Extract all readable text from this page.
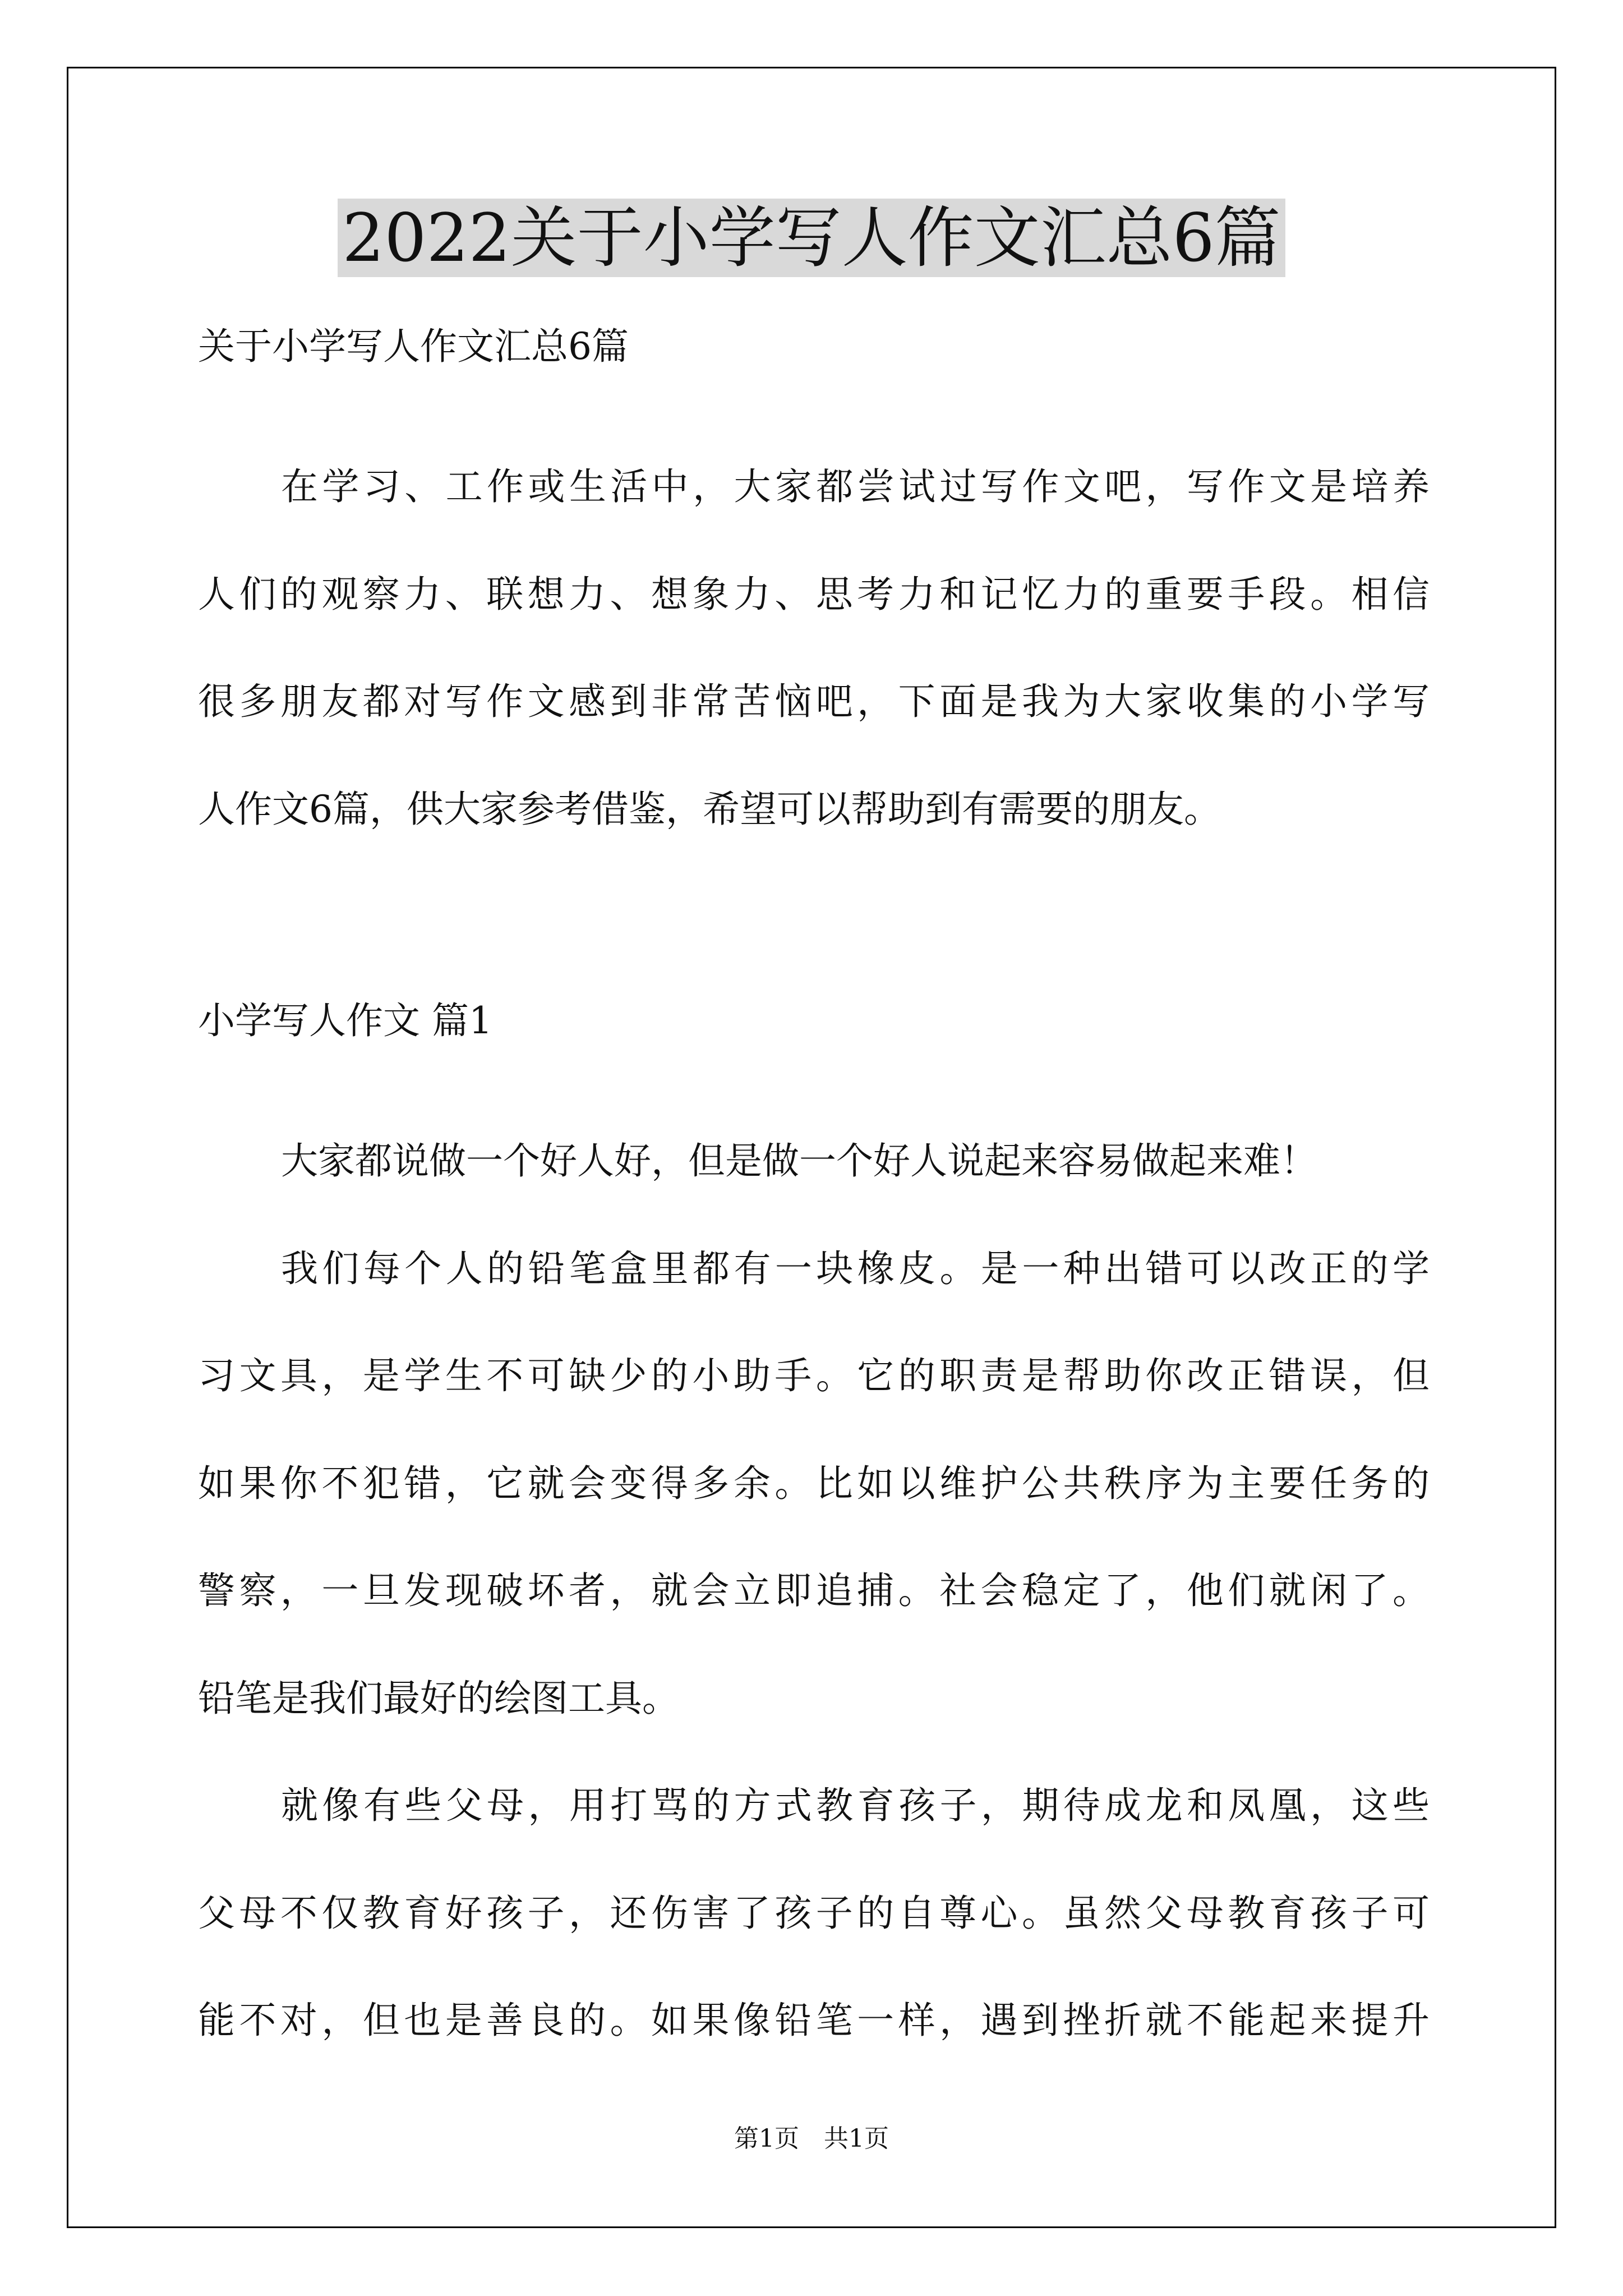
2022关于小学写人作文汇总6篇
关于小学写人作文汇总6篇
在学习、工作或生活中，大家都尝试过写作文吧，写作文是培养
人们的观察力、联想力、想象力、思考力和记忆力的重要手段。相信
很多朋友都对写作文感到非常苦恼吧，下面是我为大家收集的小学写
人作文6篇，供大家参考借鉴，希望可以帮助到有需要的朋友。
小学写人作文 篇1
大家都说做一个好人好，但是做一个好人说起来容易做起来难！
我们每个人的铅笔盒里都有一块橡皮。是一种出错可以改正的学
习文具，是学生不可缺少的小助手。它的职责是帮助你改正错误，但
如果你不犯错，它就会变得多余。比如以维护公共秩序为主要任务的
警察，一旦发现破坏者，就会立即追捕。社会稳定了，他们就闲了。
铅笔是我们最好的绘图工具。
就像有些父母，用打骂的方式教育孩子，期待成龙和凤凰，这些
父母不仅教育好孩子，还伤害了孩子的自尊心。虽然父母教育孩子可
能不对，但也是善良的。如果像铅笔一样，遇到挫折就不能起来提升
第1页　共1页
